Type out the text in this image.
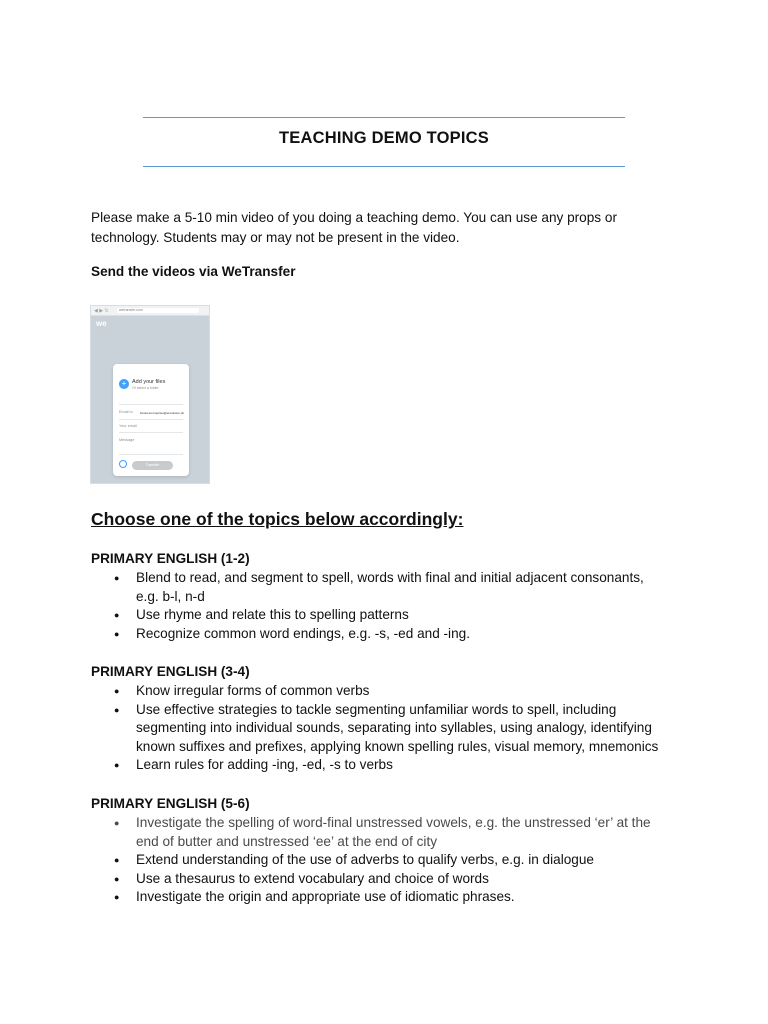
TEACHING DEMO TOPICS
Please make a 5-10 min video of you doing a teaching demo. You can use any props or
technology. Students may or may not be present in the video.
Send the videos via WeTransfer
◀ ▶ ↻	wetransfer.com
we
+	Add your files
Or select a folder
Email to business.inquiries@ersolution.ph
Your email
Message
Transfer
Choose one of the topics below accordingly:
PRIMARY ENGLISH (1-2)
● Blend to read, and segment to spell, words with final and initial adjacent consonants,
e.g. b-l, n-d
● Use rhyme and relate this to spelling patterns
● Recognize common word endings, e.g. -s, -ed and -ing.
PRIMARY ENGLISH (3-4)
● Know irregular forms of common verbs
● Use effective strategies to tackle segmenting unfamiliar words to spell, including
segmenting into individual sounds, separating into syllables, using analogy, identifying
known suffixes and prefixes, applying known spelling rules, visual memory, mnemonics
● Learn rules for adding -ing, -ed, -s to verbs
PRIMARY ENGLISH (5-6)
● Investigate the spelling of word-final unstressed vowels, e.g. the unstressed ‘er’ at the
end of butter and unstressed ‘ee’ at the end of city
● Extend understanding of the use of adverbs to qualify verbs, e.g. in dialogue
● Use a thesaurus to extend vocabulary and choice of words
● Investigate the origin and appropriate use of idiomatic phrases.
